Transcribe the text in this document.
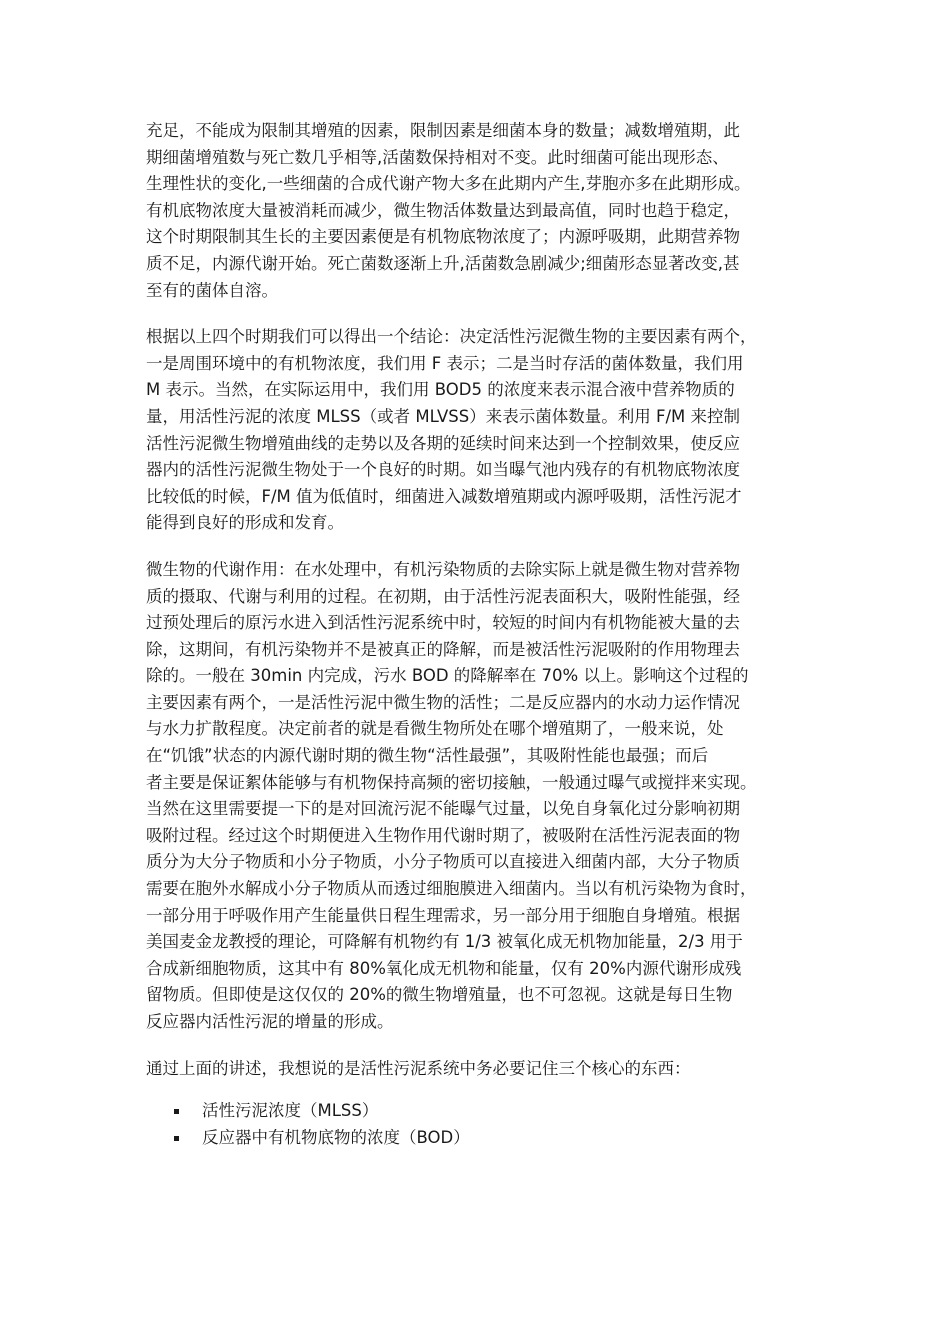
充足，不能成为限制其增殖的因素，限制因素是细菌本身的数量；减数增殖期，此
期细菌增殖数与死亡数几乎相等,活菌数保持相对不变。此时细菌可能出现形态、
生理性状的变化,一些细菌的合成代谢产物大多在此期内产生,芽胞亦多在此期形成。
有机底物浓度大量被消耗而减少，微生物活体数量达到最高值，同时也趋于稳定，
这个时期限制其生长的主要因素便是有机物底物浓度了；内源呼吸期，此期营养物
质不足，内源代谢开始。死亡菌数逐渐上升,活菌数急剧减少;细菌形态显著改变,甚
至有的菌体自溶。

根据以上四个时期我们可以得出一个结论：决定活性污泥微生物的主要因素有两个，
一是周围环境中的有机物浓度，我们用 F 表示；二是当时存活的菌体数量，我们用
M 表示。当然，在实际运用中，我们用 BOD5 的浓度来表示混合液中营养物质的
量，用活性污泥的浓度 MLSS（或者 MLVSS）来表示菌体数量。利用 F/M 来控制
活性污泥微生物增殖曲线的走势以及各期的延续时间来达到一个控制效果，使反应
器内的活性污泥微生物处于一个良好的时期。如当曝气池内残存的有机物底物浓度
比较低的时候，F/M 值为低值时，细菌进入减数增殖期或内源呼吸期，活性污泥才
能得到良好的形成和发育。

微生物的代谢作用：在水处理中，有机污染物质的去除实际上就是微生物对营养物
质的摄取、代谢与利用的过程。在初期，由于活性污泥表面积大，吸附性能强，经
过预处理后的原污水进入到活性污泥系统中时，较短的时间内有机物能被大量的去
除，这期间，有机污染物并不是被真正的降解，而是被活性污泥吸附的作用物理去
除的。一般在 30min 内完成，污水 BOD 的降解率在 70% 以上。影响这个过程的
主要因素有两个，一是活性污泥中微生物的活性；二是反应器内的水动力运作情况
与水力扩散程度。决定前者的就是看微生物所处在哪个增殖期了，一般来说，处
在“饥饿”状态的内源代谢时期的微生物“活性最强”，其吸附性能也最强；而后
者主要是保证絮体能够与有机物保持高频的密切接触，一般通过曝气或搅拌来实现。
当然在这里需要提一下的是对回流污泥不能曝气过量，以免自身氧化过分影响初期
吸附过程。经过这个时期便进入生物作用代谢时期了，被吸附在活性污泥表面的物
质分为大分子物质和小分子物质，小分子物质可以直接进入细菌内部，大分子物质
需要在胞外水解成小分子物质从而透过细胞膜进入细菌内。当以有机污染物为食时，
一部分用于呼吸作用产生能量供日程生理需求，另一部分用于细胞自身增殖。根据
美国麦金龙教授的理论，可降解有机物约有 1/3 被氧化成无机物加能量，2/3 用于
合成新细胞物质，这其中有 80%氧化成无机物和能量，仅有 20%内源代谢形成残
留物质。但即使是这仅仅的 20%的微生物增殖量，也不可忽视。这就是每日生物
反应器内活性污泥的增量的形成。

通过上面的讲述，我想说的是活性污泥系统中务必要记住三个核心的东西：

活性污泥浓度（MLSS）
反应器中有机物底物的浓度（BOD）
